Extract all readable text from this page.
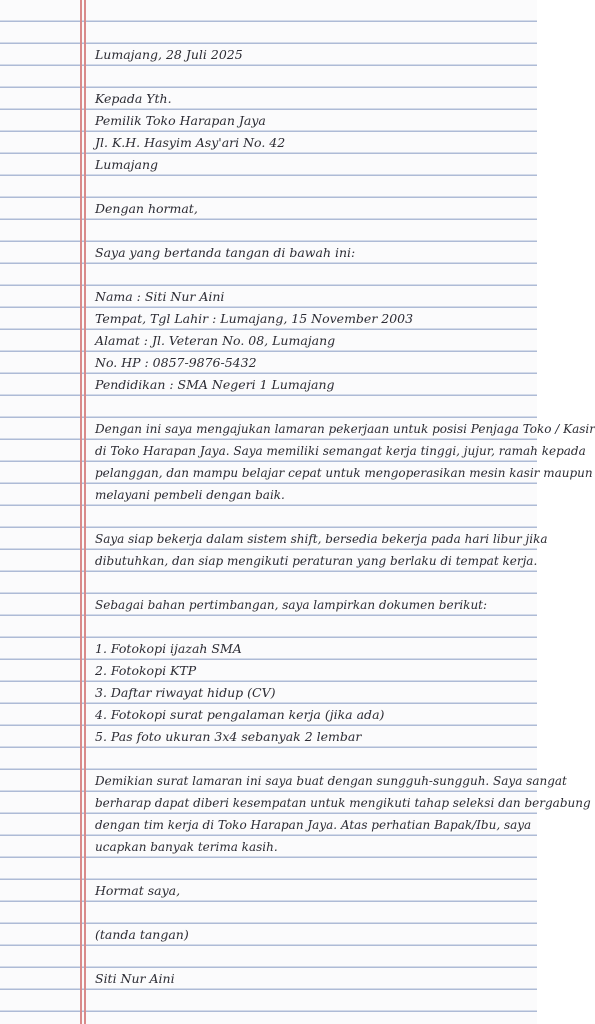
Lumajang, 28 Juli 2025
Kepada Yth.
Pemilik Toko Harapan Jaya
Jl. K.H. Hasyim Asy'ari No. 42
Lumajang
Dengan hormat,
Saya yang bertanda tangan di bawah ini:
Nama : Siti Nur Aini
Tempat, Tgl Lahir : Lumajang, 15 November 2003
Alamat : Jl. Veteran No. 08, Lumajang
No. HP : 0857-9876-5432
Pendidikan : SMA Negeri 1 Lumajang
Dengan ini saya mengajukan lamaran pekerjaan untuk posisi Penjaga Toko / Kasir
di Toko Harapan Jaya. Saya memiliki semangat kerja tinggi, jujur, ramah kepada
pelanggan, dan mampu belajar cepat untuk mengoperasikan mesin kasir maupun
melayani pembeli dengan baik.
Saya siap bekerja dalam sistem shift, bersedia bekerja pada hari libur jika
dibutuhkan, dan siap mengikuti peraturan yang berlaku di tempat kerja.
Sebagai bahan pertimbangan, saya lampirkan dokumen berikut:
1. Fotokopi ijazah SMA
2. Fotokopi KTP
3. Daftar riwayat hidup (CV)
4. Fotokopi surat pengalaman kerja (jika ada)
5. Pas foto ukuran 3x4 sebanyak 2 lembar
Demikian surat lamaran ini saya buat dengan sungguh-sungguh. Saya sangat
berharap dapat diberi kesempatan untuk mengikuti tahap seleksi dan bergabung
dengan tim kerja di Toko Harapan Jaya. Atas perhatian Bapak/Ibu, saya
ucapkan banyak terima kasih.
Hormat saya,
(tanda tangan)
Siti Nur Aini
